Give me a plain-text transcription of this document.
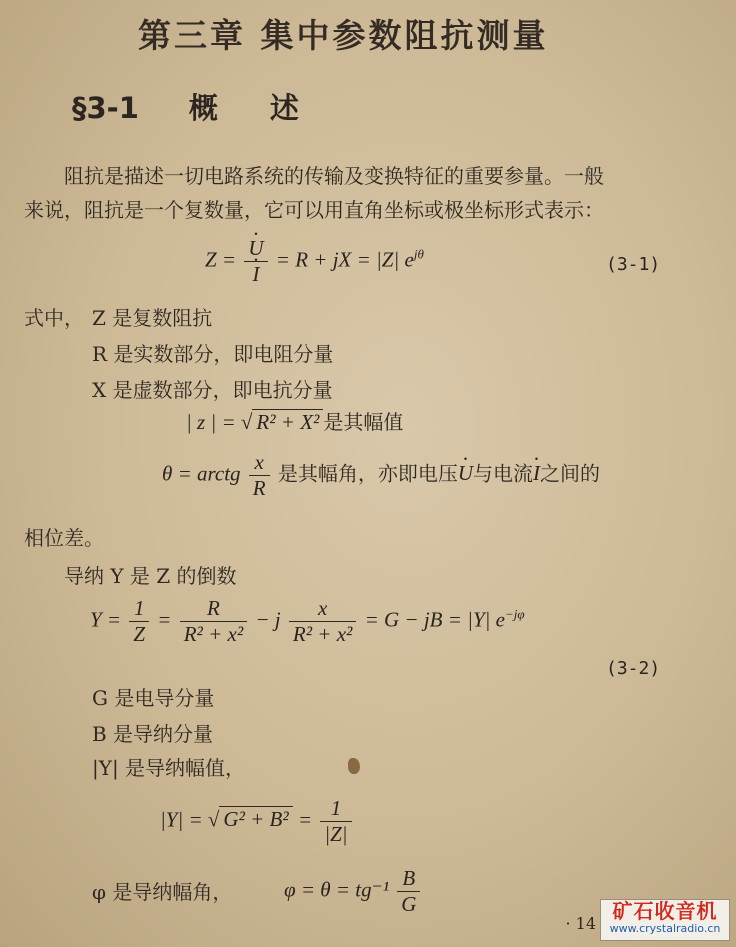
第三章 集中参数阻抗测量
§3-1 概 述
阻抗是描述一切电路系统的传输及变换特征的重要参量。一般
来说，阻抗是一个复数量，它可以用直角坐标或极坐标形式表示：
Z =
· U
· I = R + jX = |Z| $e^{j\theta}$
(3-1)
式中， Z 是复数阻抗
R 是实数部分，即电阻分量
X 是虚数部分，即电抗分量
| z | = √ R² + X² 是其幅值
θ = arctg $\frac{x}{R}$ 是其幅角，亦即电压· U与电流· I之间的
相位差。
导纳 Y 是 Z 的倒数
$Y = \frac{1}{Z} = \frac{R}{\text{R² + x²}} - j \frac{x}{\text{R² + x²}} = G$ − jB = |Y| $e^{-j\varphi}$
(3-2)
G 是电导分量
B 是导纳分量
|Y| 是导纳幅值，
|Y| = √ $G^2 + B^2 = \frac{1}{|Z|}$
φ 是导纳幅角， $\varphi = \theta = tg^{-1} \frac{B}{G}$
· 14
矿石收音机
www.crystalradio.cn
